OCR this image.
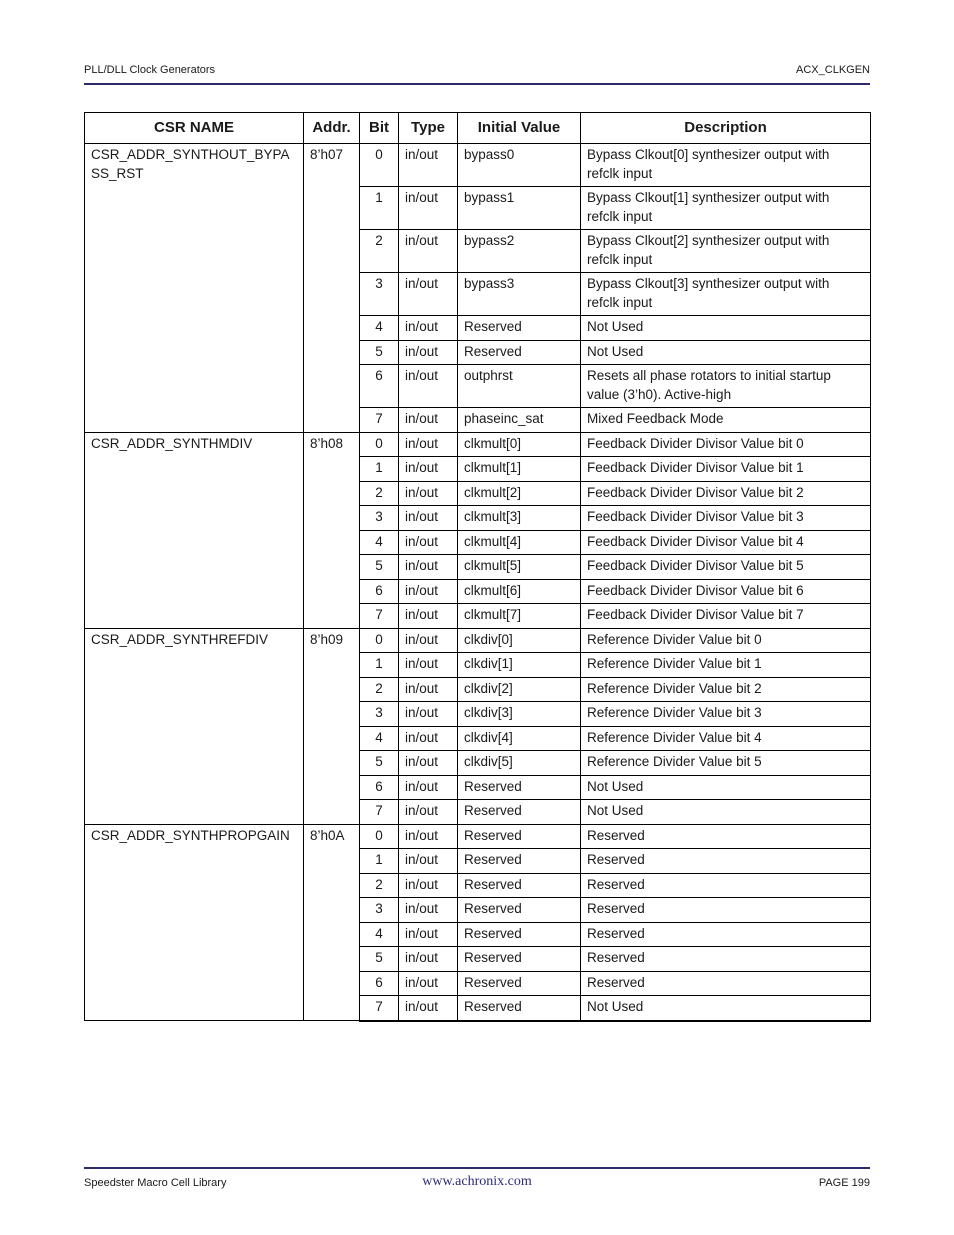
PLL/DLL Clock Generators	ACX_CLKGEN
CSR NAME	Addr.	Bit	Type	Initial Value	Description
CSR_ADDR_SYNTHOUT_BYPASS_RST	8’h07	0	in/out	bypass0	Bypass Clkout[0] synthesizer output with refclk input
		1	in/out	bypass1	Bypass Clkout[1] synthesizer output with refclk input
		2	in/out	bypass2	Bypass Clkout[2] synthesizer output with refclk input
		3	in/out	bypass3	Bypass Clkout[3] synthesizer output with refclk input
		4	in/out	Reserved	Not Used
		5	in/out	Reserved	Not Used
		6	in/out	outphrst	Resets all phase rotators to initial startup value (3’h0). Active-high
		7	in/out	phaseinc_sat	Mixed Feedback Mode
CSR_ADDR_SYNTHMDIV	8’h08	0	in/out	clkmult[0]	Feedback Divider Divisor Value bit 0
		1	in/out	clkmult[1]	Feedback Divider Divisor Value bit 1
		2	in/out	clkmult[2]	Feedback Divider Divisor Value bit 2
		3	in/out	clkmult[3]	Feedback Divider Divisor Value bit 3
		4	in/out	clkmult[4]	Feedback Divider Divisor Value bit 4
		5	in/out	clkmult[5]	Feedback Divider Divisor Value bit 5
		6	in/out	clkmult[6]	Feedback Divider Divisor Value bit 6
		7	in/out	clkmult[7]	Feedback Divider Divisor Value bit 7
CSR_ADDR_SYNTHREFDIV	8’h09	0	in/out	clkdiv[0]	Reference Divider Value bit 0
		1	in/out	clkdiv[1]	Reference Divider Value bit 1
		2	in/out	clkdiv[2]	Reference Divider Value bit 2
		3	in/out	clkdiv[3]	Reference Divider Value bit 3
		4	in/out	clkdiv[4]	Reference Divider Value bit 4
		5	in/out	clkdiv[5]	Reference Divider Value bit 5
		6	in/out	Reserved	Not Used
		7	in/out	Reserved	Not Used
CSR_ADDR_SYNTHPROPGAIN	8’h0A	0	in/out	Reserved	Reserved
		1	in/out	Reserved	Reserved
		2	in/out	Reserved	Reserved
		3	in/out	Reserved	Reserved
		4	in/out	Reserved	Reserved
		5	in/out	Reserved	Reserved
		6	in/out	Reserved	Reserved
		7	in/out	Reserved	Not Used
Speedster Macro Cell Library	www.achronix.com	PAGE 199
